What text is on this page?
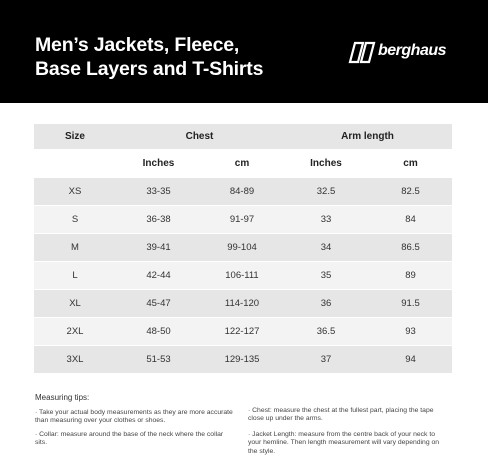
Men’s Jackets, Fleece,
Base Layers and T-Shirts
berghaus
Size	Chest		Arm length	
	Inches	cm	Inches	cm
XS	33-35	84-89	32.5	82.5
S	36-38	91-97	33	84
M	39-41	99-104	34	86.5
L	42-44	106-111	35	89
XL	45-47	114-120	36	91.5
2XL	48-50	122-127	36.5	93
3XL	51-53	129-135	37	94
Measuring tips:
· Take your actual body measurements as they are more accurate than measuring over your clothes or shoes.
· Collar: measure around the base of the neck where the collar sits.
· Chest: measure the chest at the fullest part, placing the tape close up under the arms.
· Jacket Length: measure from the centre back of your neck to your hemline. Then length measurement will vary depending on the style.
